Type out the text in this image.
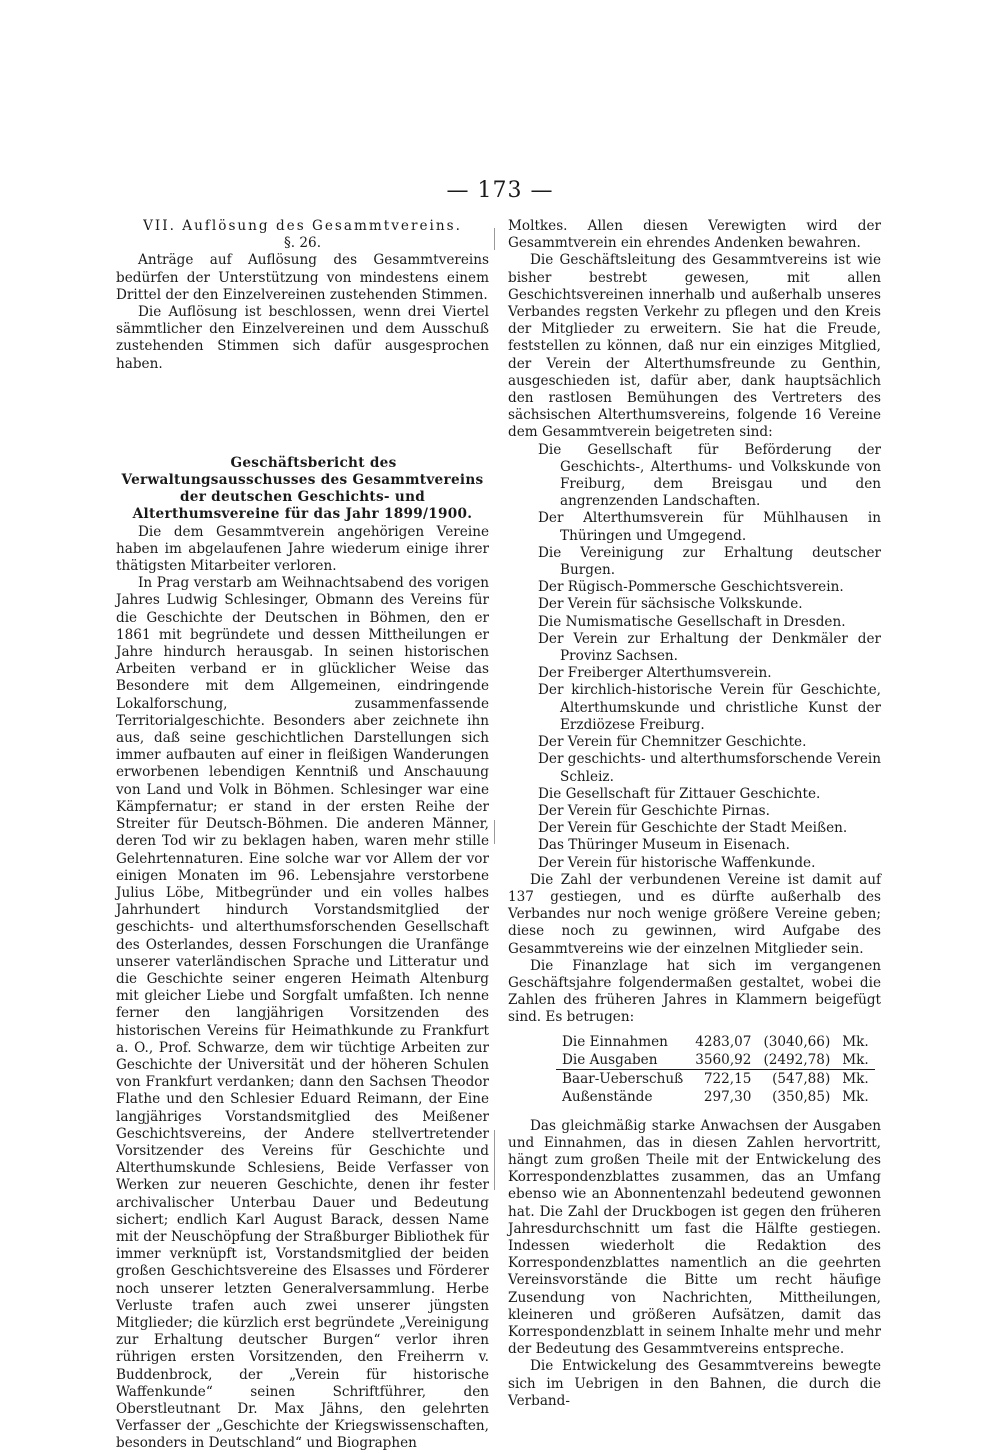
— 173 —

VII. Auflösung des Gesammtvereins.

§. 26.

Anträge auf Auflösung des Gesammtvereins bedürfen der Unterstützung von mindestens einem Drittel der den Einzelvereinen zustehenden Stimmen.

Die Auflösung ist beschlossen, wenn drei Viertel sämmtlicher den Einzelvereinen und dem Ausschuß zustehenden Stimmen sich dafür ausgesprochen haben.

Geschäftsbericht des Verwaltungsausschusses des Gesammtvereins der deutschen Geschichts- und Alterthumsvereine für das Jahr 1899/1900.

Die dem Gesammtverein angehörigen Vereine haben im abgelaufenen Jahre wiederum einige ihrer thätigsten Mitarbeiter verloren.

In Prag verstarb am Weihnachtsabend des vorigen Jahres Ludwig Schlesinger, Obmann des Vereins für die Geschichte der Deutschen in Böhmen, den er 1861 mit begründete und dessen Mittheilungen er Jahre hindurch herausgab. In seinen historischen Arbeiten verband er in glücklicher Weise das Besondere mit dem Allgemeinen, eindringende Lokalforschung, zusammenfassende Territorialgeschichte. Besonders aber zeichnete ihn aus, daß seine geschichtlichen Darstellungen sich immer aufbauten auf einer in fleißigen Wanderungen erworbenen lebendigen Kenntniß und Anschauung von Land und Volk in Böhmen. Schlesinger war eine Kämpfernatur; er stand in der ersten Reihe der Streiter für Deutsch-Böhmen. Die anderen Männer, deren Tod wir zu beklagen haben, waren mehr stille Gelehrtennaturen. Eine solche war vor Allem der vor einigen Monaten im 96. Lebensjahre verstorbene Julius Löbe, Mitbegründer und ein volles halbes Jahrhundert hindurch Vorstandsmitglied der geschichts- und alterthumsforschenden Gesellschaft des Osterlandes, dessen Forschungen die Uranfänge unserer vaterländischen Sprache und Litteratur und die Geschichte seiner engeren Heimath Altenburg mit gleicher Liebe und Sorgfalt umfaßten. Ich nenne ferner den langjährigen Vorsitzenden des historischen Vereins für Heimathkunde zu Frankfurt a. O., Prof. Schwarze, dem wir tüchtige Arbeiten zur Geschichte der Universität und der höheren Schulen von Frankfurt verdanken; dann den Sachsen Theodor Flathe und den Schlesier Eduard Reimann, der Eine langjähriges Vorstandsmitglied des Meißener Geschichtsvereins, der Andere stellvertretender Vorsitzender des Vereins für Geschichte und Alterthumskunde Schlesiens, Beide Verfasser von Werken zur neueren Geschichte, denen ihr fester archivalischer Unterbau Dauer und Bedeutung sichert; endlich Karl August Barack, dessen Name mit der Neuschöpfung der Straßburger Bibliothek für immer verknüpft ist, Vorstandsmitglied der beiden großen Geschichtsvereine des Elsasses und Förderer noch unserer letzten Generalversammlung. Herbe Verluste trafen auch zwei unserer jüngsten Mitglieder; die kürzlich erst begründete „Vereinigung zur Erhaltung deutscher Burgen“ verlor ihren rührigen ersten Vorsitzenden, den Freiherrn v. Buddenbrock, der „Verein für historische Waffenkunde“ seinen Schriftführer, den Oberstleutnant Dr. Max Jähns, den gelehrten Verfasser der „Geschichte der Kriegswissenschaften, besonders in Deutschland“ und Biographen

Moltkes. Allen diesen Verewigten wird der Gesammtverein ein ehrendes Andenken bewahren.

Die Geschäftsleitung des Gesammtvereins ist wie bisher bestrebt gewesen, mit allen Geschichtsvereinen innerhalb und außerhalb unseres Verbandes regsten Verkehr zu pflegen und den Kreis der Mitglieder zu erweitern. Sie hat die Freude, feststellen zu können, daß nur ein einziges Mitglied, der Verein der Alterthumsfreunde zu Genthin, ausgeschieden ist, dafür aber, dank hauptsächlich den rastlosen Bemühungen des Vertreters des sächsischen Alterthumsvereins, folgende 16 Vereine dem Gesammtverein beigetreten sind:

Die Gesellschaft für Beförderung der Geschichts-, Alterthums- und Volkskunde von Freiburg, dem Breisgau und den angrenzenden Landschaften.

Der Alterthumsverein für Mühlhausen in Thüringen und Umgegend.

Die Vereinigung zur Erhaltung deutscher Burgen.

Der Rügisch-Pommersche Geschichtsverein.

Der Verein für sächsische Volkskunde.

Die Numismatische Gesellschaft in Dresden.

Der Verein zur Erhaltung der Denkmäler der Provinz Sachsen.

Der Freiberger Alterthumsverein.

Der kirchlich-historische Verein für Geschichte, Alterthumskunde und christliche Kunst der Erzdiözese Freiburg.

Der Verein für Chemnitzer Geschichte.

Der geschichts- und alterthumsforschende Verein Schleiz.

Die Gesellschaft für Zittauer Geschichte.

Der Verein für Geschichte Pirnas.

Der Verein für Geschichte der Stadt Meißen.

Das Thüringer Museum in Eisenach.

Der Verein für historische Waffenkunde.

Die Zahl der verbundenen Vereine ist damit auf 137 gestiegen, und es dürfte außerhalb des Verbandes nur noch wenige größere Vereine geben; diese noch zu gewinnen, wird Aufgabe des Gesammtvereins wie der einzelnen Mitglieder sein.

Die Finanzlage hat sich im vergangenen Geschäftsjahre folgendermaßen gestaltet, wobei die Zahlen des früheren Jahres in Klammern beigefügt sind. Es betrugen:

Die Einnahmen	4283,07	(3040,66)	Mk.
Die Ausgaben	3560,92	(2492,78)	Mk.
Baar-Ueberschuß	722,15	(547,88)	Mk.
Außenstände	297,30	(350,85)	Mk.

Das gleichmäßig starke Anwachsen der Ausgaben und Einnahmen, das in diesen Zahlen hervortritt, hängt zum großen Theile mit der Entwickelung des Korrespondenzblattes zusammen, das an Umfang ebenso wie an Abonnentenzahl bedeutend gewonnen hat. Die Zahl der Druckbogen ist gegen den früheren Jahresdurchschnitt um fast die Hälfte gestiegen. Indessen wiederholt die Redaktion des Korrespondenzblattes namentlich an die geehrten Vereinsvorstände die Bitte um recht häufige Zusendung von Nachrichten, Mittheilungen, kleineren und größeren Aufsätzen, damit das Korrespondenzblatt in seinem Inhalte mehr und mehr der Bedeutung des Gesammtvereins entspreche.

Die Entwickelung des Gesammtvereins bewegte sich im Uebrigen in den Bahnen, die durch die Verband-
